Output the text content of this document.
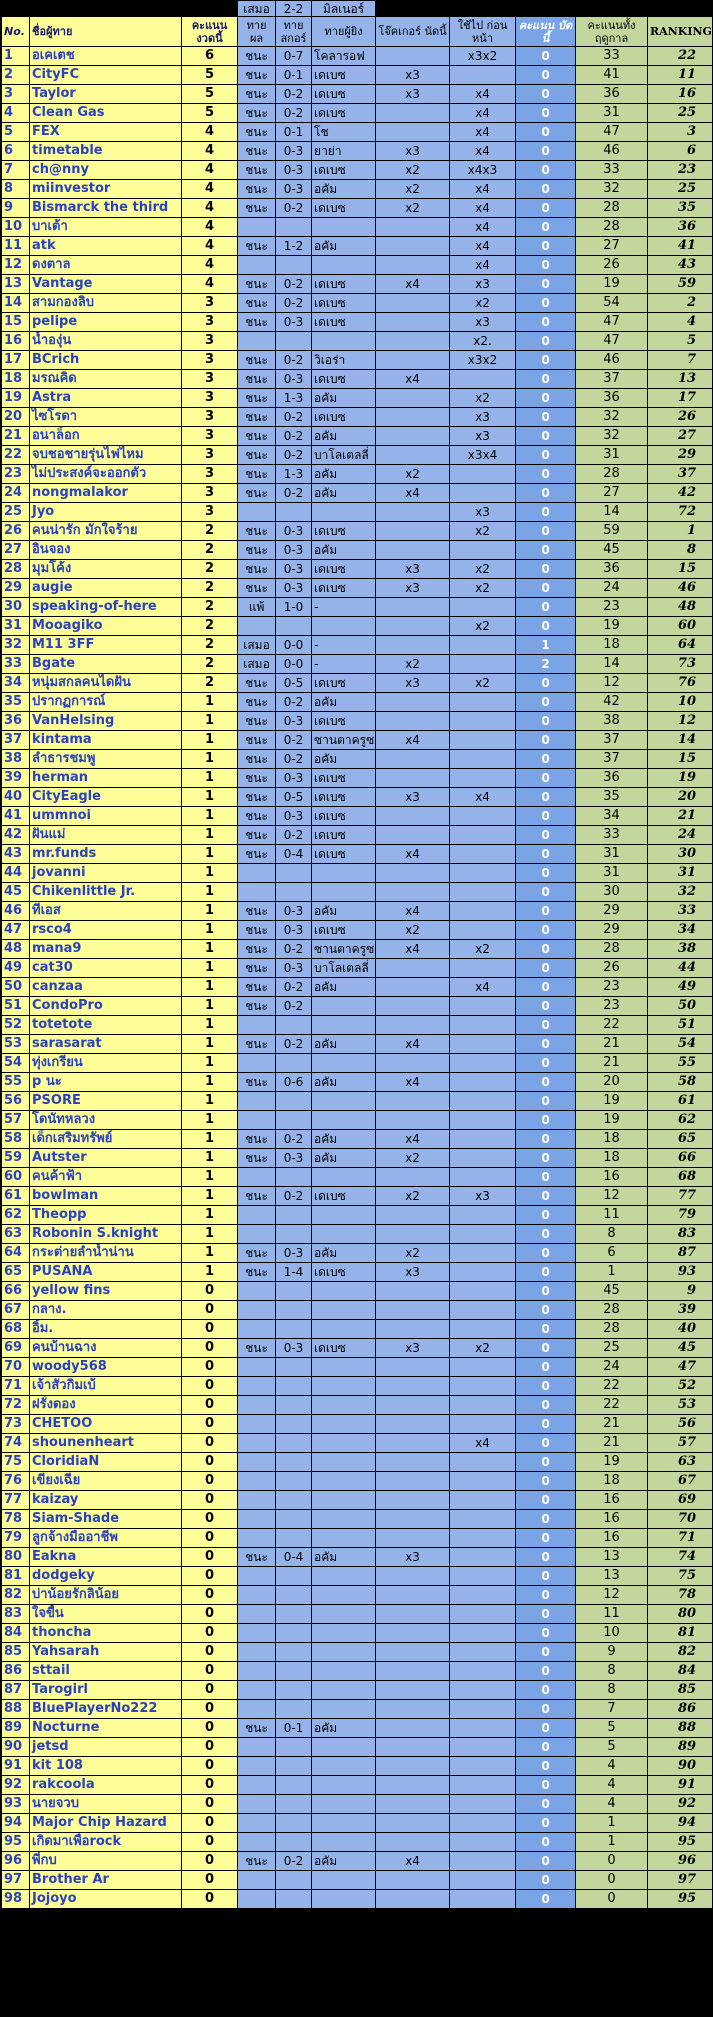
			เสมอ	2-2	มิลเนอร์					
No.	ชื่อผู้ทาย	คะแนน งวดนี้	ทาย ผล	ทาย สกอร์	ทายผู้ยิง	โจ๊คเกอร์ นัดนี้	ใช้ไป ก่อนหน้า	คะแนน บัตนี้	คะแนนทั้ง ฤดูกาล	RANKING
1	อเคเตช	6	ชนะ	0-7	โคลารอฟ		x3x2	0	33	22
2	CityFC	5	ชนะ	0-1	เดเบซ	x3		0	41	11
3	Taylor	5	ชนะ	0-2	เดเบซ	x3	x4	0	36	16
4	Clean Gas	5	ชนะ	0-2	เดเบซ		x4	0	31	25
5	FEX	4	ชนะ	0-1	โช		x4	0	47	3
6	timetable	4	ชนะ	0-3	ยาย่า	x3	x4	0	46	6
7	ch@nny	4	ชนะ	0-3	เดเบซ	x2	x4x3	0	33	23
8	miinvestor	4	ชนะ	0-3	อคัม	x2	x4	0	32	25
9	Bismarck the third	4	ชนะ	0-2	เดเบซ	x2	x4	0	28	35
10	บาเต้า	4					x4	0	28	36
11	atk	4	ชนะ	1-2	อคัม		x4	0	27	41
12	ดงตาล	4					x4	0	26	43
13	Vantage	4	ชนะ	0-2	เดเบซ	x4	x3	0	19	59
14	สามกองลิบ	3	ชนะ	0-2	เดเบซ		x2	0	54	2
15	pelipe	3	ชนะ	0-3	เดเบซ		x3	0	47	4
16	น้ำองุ่น	3					x2.	0	47	5
17	BCrich	3	ชนะ	0-2	วิเอร่า		x3x2	0	46	7
18	มรณคิด	3	ชนะ	0-3	เดเบซ	x4		0	37	13
19	Astra	3	ชนะ	1-3	อคัม		x2	0	36	17
20	ไซโรดา	3	ชนะ	0-2	เดเบซ		x3	0	32	26
21	อนาล็อก	3	ชนะ	0-2	อคัม		x3	0	32	27
22	จบชอชายรุ่นไฟไหม	3	ชนะ	0-2	บาโลเตลลี่		x3x4	0	31	29
23	ไม่ประสงค์จะออกตัว	3	ชนะ	1-3	อคัม	x2		0	28	37
24	nongmalakor	3	ชนะ	0-2	อคัม	x4		0	27	42
25	Jyo	3					x3	0	14	72
26	คนน่ารัก มักใจร้าย	2	ชนะ	0-3	เดเบซ		x2	0	59	1
27	อินจอง	2	ชนะ	0-3	อคัม			0	45	8
28	มุมโค้ง	2	ชนะ	0-3	เดเบซ	x3	x2	0	36	15
29	augie	2	ชนะ	0-3	เดเบซ	x3	x2	0	24	46
30	speaking-of-here	2	แพ้	1-0	-			0	23	48
31	Mooagiko	2					x2	0	19	60
32	M11 3FF	2	เสมอ	0-0	-			1	18	64
33	Bgate	2	เสมอ	0-0	-	x2		2	14	73
34	หนุ่มสกลคนไดฝัน	2	ชนะ	0-5	เดเบซ	x3	x2	0	12	76
35	ปรากฏการณ์	1	ชนะ	0-2	อคัม			0	42	10
36	VanHelsing	1	ชนะ	0-3	เดเบซ			0	38	12
37	kintama	1	ชนะ	0-2	ซานตาครูซ	x4		0	37	14
38	ลำธารชมพู	1	ชนะ	0-2	อคัม			0	37	15
39	herman	1	ชนะ	0-3	เดเบซ			0	36	19
40	CityEagle	1	ชนะ	0-5	เดเบซ	x3	x4	0	35	20
41	ummnoi	1	ชนะ	0-3	เดเบซ			0	34	21
42	ฝันแม่	1	ชนะ	0-2	เดเบซ			0	33	24
43	mr.funds	1	ชนะ	0-4	เดเบซ	x4		0	31	30
44	jovanni	1						0	31	31
45	Chikenlittle Jr.	1						0	30	32
46	ทีเอส	1	ชนะ	0-3	อคัม	x4		0	29	33
47	rsco4	1	ชนะ	0-3	เดเบซ	x2		0	29	34
48	mana9	1	ชนะ	0-2	ซานตาครูซ	x4	x2	0	28	38
49	cat30	1	ชนะ	0-3	บาโลเตลลี่			0	26	44
50	canzaa	1	ชนะ	0-2	อคัม		x4	0	23	49
51	CondoPro	1	ชนะ	0-2				0	23	50
52	totetote	1						0	22	51
53	sarasarat	1	ชนะ	0-2	อคัม	x4		0	21	54
54	ทุ่งเกรียน	1						0	21	55
55	p นะ	1	ชนะ	0-6	อคัม	x4		0	20	58
56	PSORE	1						0	19	61
57	โดนัทหลวง	1						0	19	62
58	เด็กเสริมทรัพย์	1	ชนะ	0-2	อคัม	x4		0	18	65
59	Autster	1	ชนะ	0-3	อคัม	x2		0	18	66
60	คนค้าฟ้า	1						0	16	68
61	bowlman	1	ชนะ	0-2	เดเบซ	x2	x3	0	12	77
62	Theopp	1						0	11	79
63	Robonin S.knight	1						0	8	83
64	กระต่ายลำน้ำน่าน	1	ชนะ	0-3	อคัม	x2		0	6	87
65	PUSANA	1	ชนะ	1-4	เดเบซ	x3		0	1	93
66	yellow fins	0						0	45	9
67	กลาง.	0						0	28	39
68	อิ้ม.	0						0	28	40
69	คนบ้านฉาง	0	ชนะ	0-3	เดเบซ	x3	x2	0	25	45
70	woody568	0						0	24	47
71	เจ้าสัวกิมเบ้	0						0	22	52
72	ฝรั่งดอง	0						0	22	53
73	CHETOO	0						0	21	56
74	shounenheart	0					x4	0	21	57
75	CloridiaN	0						0	19	63
76	เขียงเฉีย	0						0	18	67
77	kaizay	0						0	16	69
78	Siam-Shade	0						0	16	70
79	ลูกจ้างมืออาชีพ	0						0	16	71
80	Eakna	0	ชนะ	0-4	อคัม	x3		0	13	74
81	dodgeky	0						0	13	75
82	บ่าน้อยรักลิน้อย	0						0	12	78
83	ใจขื้น	0						0	11	80
84	thoncha	0						0	10	81
85	Yahsarah	0						0	9	82
86	sttail	0						0	8	84
87	Tarogirl	0						0	8	85
88	BluePlayerNo222	0						0	7	86
89	Nocturne	0	ชนะ	0-1	อคัม			0	5	88
90	jetsd	0						0	5	89
91	kit 108	0						0	4	90
92	rakcoola	0						0	4	91
93	นายจวบ	0						0	4	92
94	Major Chip Hazard	0						0	1	94
95	เกิดมาเพื่อrock	0						0	1	95
96	พี่กบ	0	ชนะ	0-2	อคัม	x4		0	0	96
97	Brother Ar	0						0	0	97
98	Jojoyo	0						0	0	95
